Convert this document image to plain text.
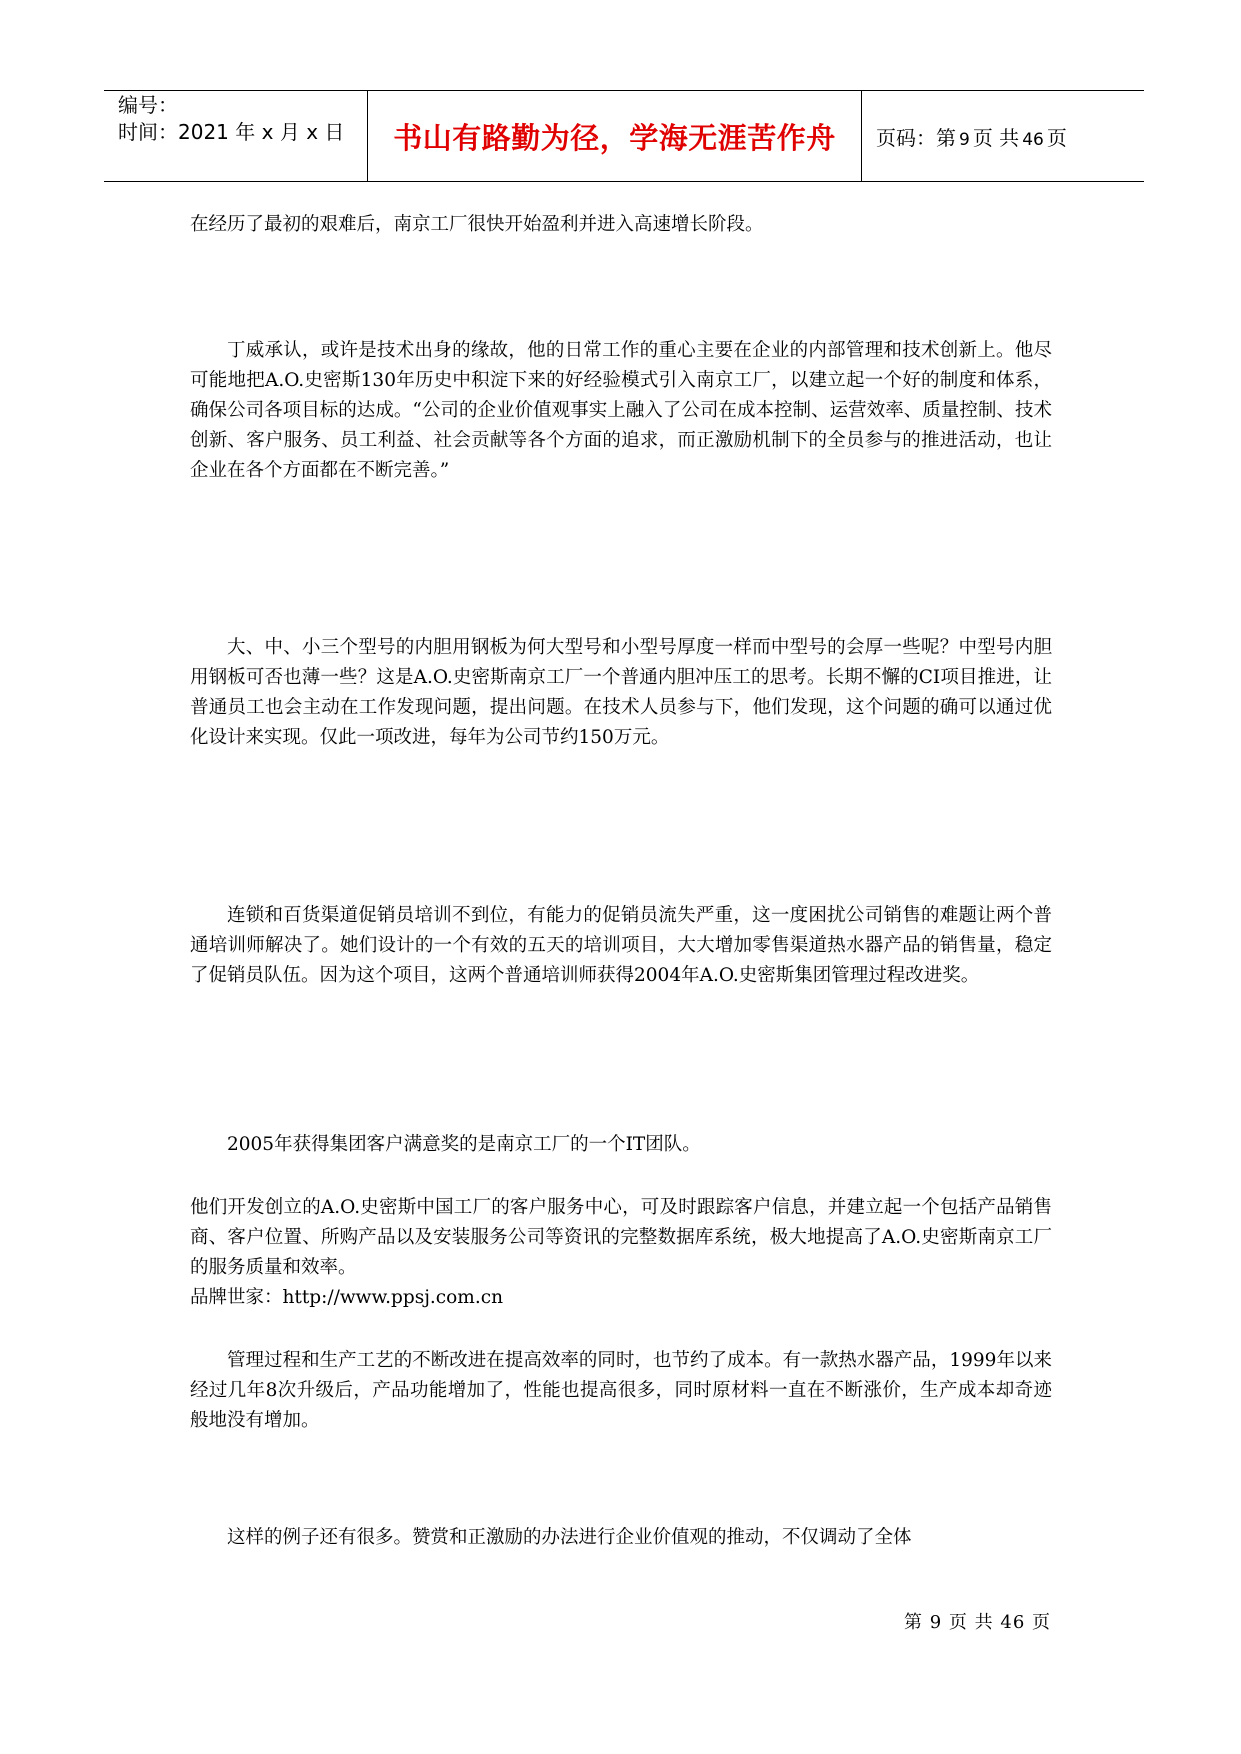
编号：
时间：2021 年 x 月 x 日 书山有路勤为径，学海无涯苦作舟 页码：第 9 页 共 46 页

在经历了最初的艰难后，南京工厂很快开始盈利并进入高速增长阶段。

丁威承认，或许是技术出身的缘故，他的日常工作的重心主要在企业的内部管理和技术创新上。他尽可能地把A.O.史密斯130年历史中积淀下来的好经验模式引入南京工厂，以建立起一个好的制度和体系，确保公司各项目标的达成。“公司的企业价值观事实上融入了公司在成本控制、运营效率、质量控制、技术创新、客户服务、员工利益、社会贡献等各个方面的追求，而正激励机制下的全员参与的推进活动，也让企业在各个方面都在不断完善。”

大、中、小三个型号的内胆用钢板为何大型号和小型号厚度一样而中型号的会厚一些呢？中型号内胆用钢板可否也薄一些？这是A.O.史密斯南京工厂一个普通内胆冲压工的思考。长期不懈的CI项目推进，让普通员工也会主动在工作发现问题，提出问题。在技术人员参与下，他们发现，这个问题的确可以通过优化设计来实现。仅此一项改进，每年为公司节约150万元。

连锁和百货渠道促销员培训不到位，有能力的促销员流失严重，这一度困扰公司销售的难题让两个普通培训师解决了。她们设计的一个有效的五天的培训项目，大大增加零售渠道热水器产品的销售量，稳定了促销员队伍。因为这个项目，这两个普通培训师获得2004年A.O.史密斯集团管理过程改进奖。

2005年获得集团客户满意奖的是南京工厂的一个IT团队。

他们开发创立的A.O.史密斯中国工厂的客户服务中心，可及时跟踪客户信息，并建立起一个包括产品销售商、客户位置、所购产品以及安装服务公司等资讯的完整数据库系统，极大地提高了A.O.史密斯南京工厂的服务质量和效率。

品牌世家：http://www.ppsj.com.cn

管理过程和生产工艺的不断改进在提高效率的同时，也节约了成本。有一款热水器产品，1999年以来经过几年8次升级后，产品功能增加了，性能也提高很多，同时原材料一直在不断涨价，生产成本却奇迹般地没有增加。

这样的例子还有很多。赞赏和正激励的办法进行企业价值观的推动，不仅调动了全体

第 9 页 共 46 页
